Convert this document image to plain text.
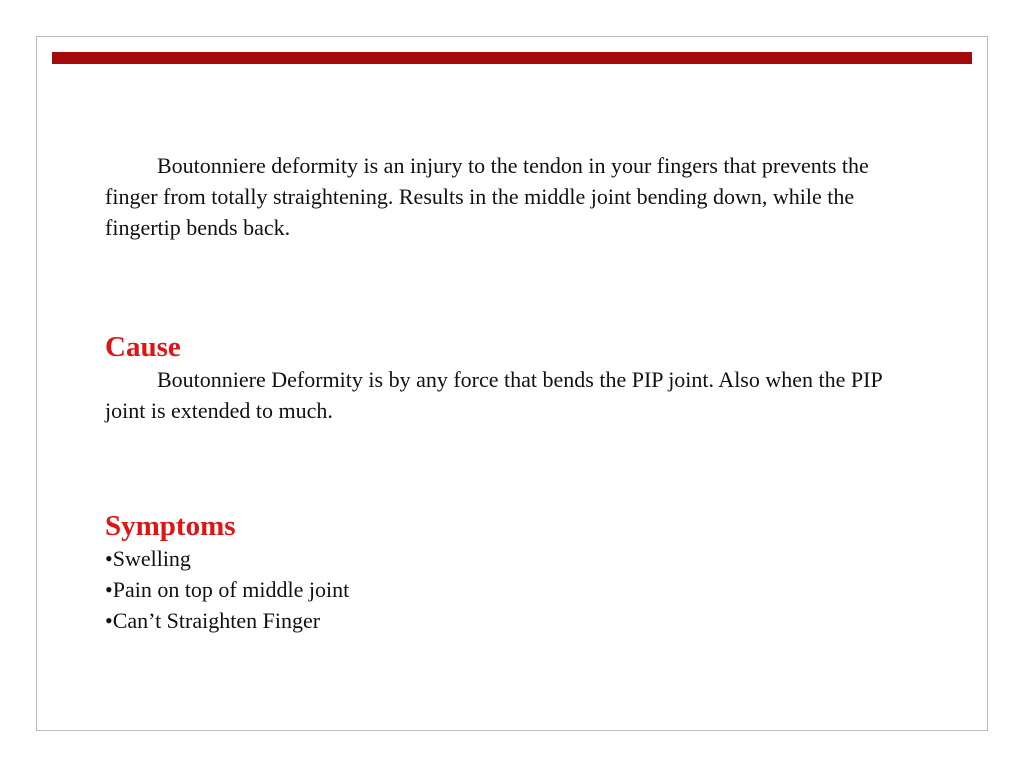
Boutonniere deformity is an injury to the tendon in your fingers that prevents the finger from totally straightening. Results in the middle joint bending down, while the fingertip bends back.

Cause

Boutonniere Deformity is by any force that bends the PIP joint. Also when the PIP joint is extended to much.

Symptoms
•Swelling
•Pain on top of middle joint
•Can’t Straighten Finger
